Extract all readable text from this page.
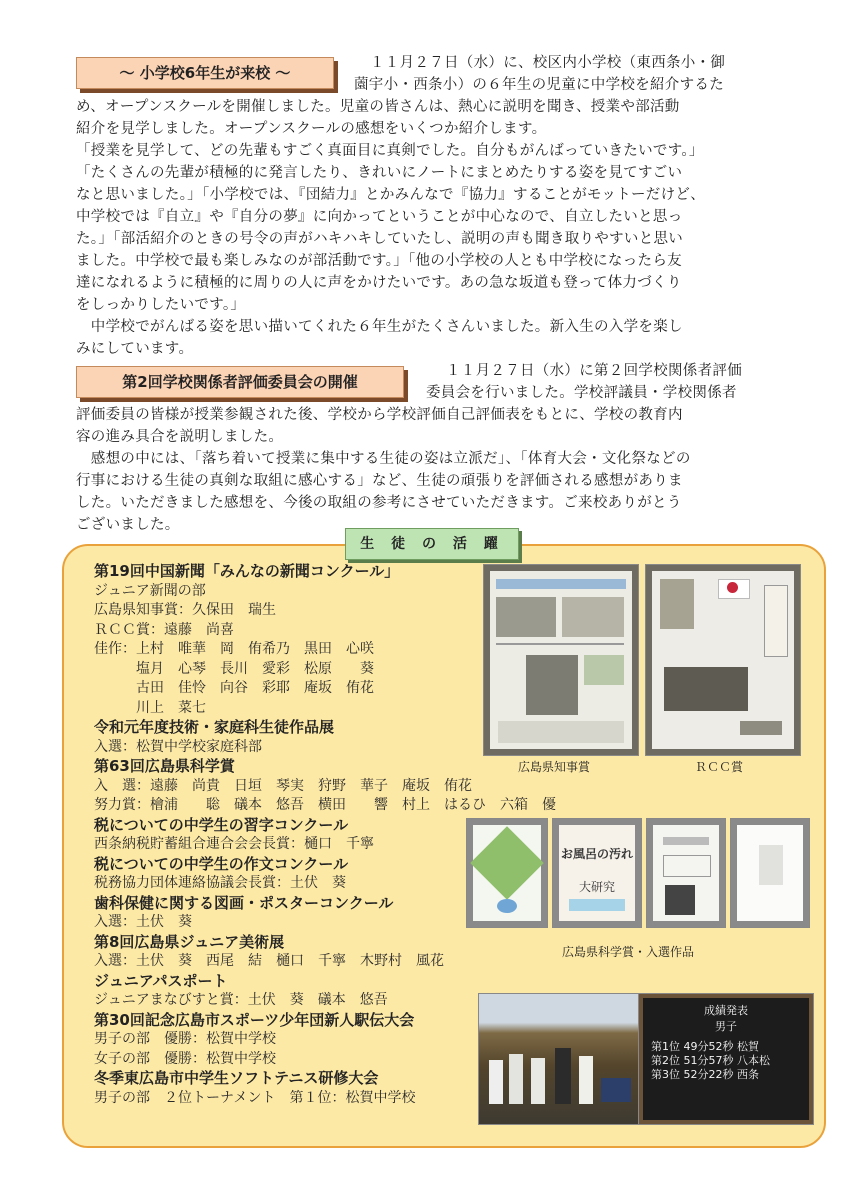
～ 小学校6年生が来校 ～
１１月２７日（水）に、校区内小学校（東西条小・御
薗宇小・西条小）の６年生の児童に中学校を紹介するた
め、オープンスクールを開催しました。児童の皆さんは、熱心に説明を聞き、授業や部活動
紹介を見学しました。オープンスクールの感想をいくつか紹介します。
「授業を見学して、どの先輩もすごく真面目に真剣でした。自分もがんばっていきたいです。」
「たくさんの先輩が積極的に発言したり、きれいにノートにまとめたりする姿を見てすごい
なと思いました。」「小学校では、『団結力』とかみんなで『協力』することがモットーだけど、
中学校では『自立』や『自分の夢』に向かってということが中心なので、自立したいと思っ
た。」「部活紹介のときの号令の声がハキハキしていたし、説明の声も聞き取りやすいと思い
ました。中学校で最も楽しみなのが部活動です。」「他の小学校の人とも中学校になったら友
達になれるように積極的に周りの人に声をかけたいです。あの急な坂道も登って体力づくり
をしっかりしたいです。」
　中学校でがんばる姿を思い描いてくれた６年生がたくさんいました。新入生の入学を楽し
みにしています。
第2回学校関係者評価委員会の開催
１１月２７日（水）に第２回学校関係者評価
委員会を行いました。学校評議員・学校関係者
評価委員の皆様が授業参観された後、学校から学校評価自己評価表をもとに、学校の教育内
容の進み具合を説明しました。
　感想の中には、「落ち着いて授業に集中する生徒の姿は立派だ」、「体育大会・文化祭などの
行事における生徒の真剣な取組に感心する」など、生徒の頑張りを評価される感想がありま
した。いただきました感想を、今後の取組の参考にさせていただきます。ご来校ありがとう
ございました。
生 徒 の 活 躍
第19回中国新聞「みんなの新聞コンクール」
ジュニア新聞の部
広島県知事賞：久保田　瑞生
ＲＣＣ賞：遠藤　尚喜
佳作：上村　唯華　岡　侑希乃　黒田　心咲
　　　塩月　心琴　長川　愛彩　松原　　葵
　　　古田　佳怜　向谷　彩耶　庵坂　侑花
　　　川上　菜七
令和元年度技術・家庭科生徒作品展
入選：松賀中学校家庭科部
第63回広島県科学賞
入　選：遠藤　尚貴　日垣　琴実　狩野　華子　庵坂　侑花
努力賞：檜浦　　聡　礒本　悠吾　横田　　響　村上　はるひ　六箱　優
税についての中学生の習字コンクール
西条納税貯蓄組合連合会会長賞：樋口　千寧
税についての中学生の作文コンクール
税務協力団体連絡協議会長賞：土伏　葵
歯科保健に関する図画・ポスターコンクール
入選：土伏　葵
第8回広島県ジュニア美術展
入選：土伏　葵　西尾　結　樋口　千寧　木野村　風花
ジュニアパスポート
ジュニアまなびすと賞：土伏　葵　礒本　悠吾
第30回記念広島市スポーツ少年団新人駅伝大会
男子の部　優勝：松賀中学校
女子の部　優勝：松賀中学校
冬季東広島市中学生ソフトテニス研修大会
男子の部　２位トーナメント　第１位：松賀中学校
広島県知事賞	ＲＣＣ賞
お風呂の汚れ
大研究
広島県科学賞・入選作品
成績発表
男子
第1位 49分52秒 松賀
第2位 51分57秒 八本松
第3位 52分22秒 西条
